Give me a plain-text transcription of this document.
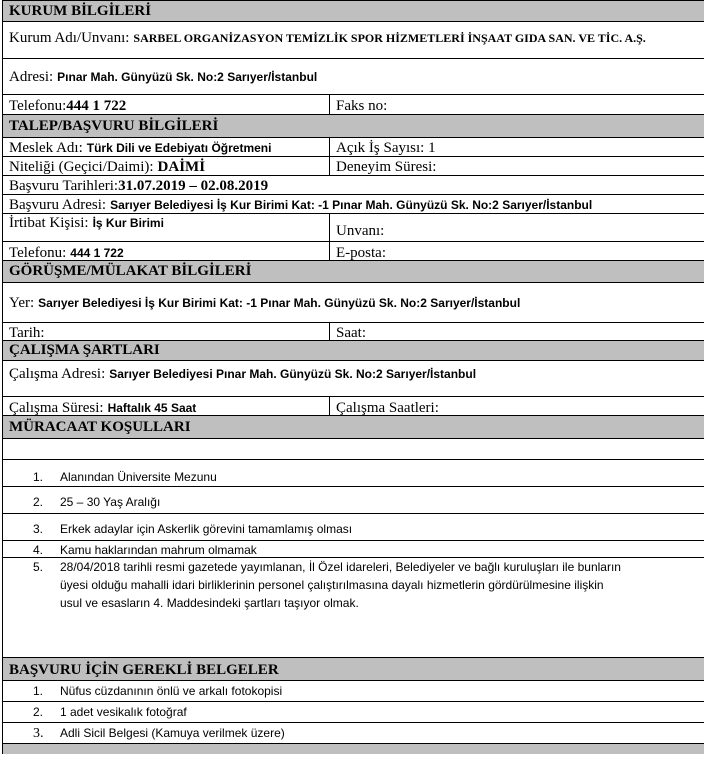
KURUM BİLGİLERİ
Kurum Adı/Unvanı: SARBEL ORGANİZASYON TEMİZLİK SPOR HİZMETLERİ İNŞAAT GIDA SAN. VE TİC. A.Ş.
Adresi: Pınar Mah. Günyüzü Sk. No:2 Sarıyer/İstanbul
Telefonu:444 1 722	Faks no:
TALEP/BAŞVURU BİLGİLERİ
Meslek Adı: Türk Dili ve Edebiyatı Öğretmeni	Açık İş Sayısı: 1
Niteliği (Geçici/Daimi): DAİMİ	Deneyim Süresi:
Başvuru Tarihleri:31.07.2019 – 02.08.2019
Başvuru Adresi: Sarıyer Belediyesi İş Kur Birimi Kat: -1 Pınar Mah. Günyüzü Sk. No:2 Sarıyer/İstanbul
İrtibat Kişisi: İş Kur Birimi	Unvanı:
Telefonu: 444 1 722	E-posta:
GÖRÜŞME/MÜLAKAT BİLGİLERİ
Yer: Sarıyer Belediyesi İş Kur Birimi Kat: -1 Pınar Mah. Günyüzü Sk. No:2 Sarıyer/İstanbul
Tarih:	Saat:
ÇALIŞMA ŞARTLARI
Çalışma Adresi: Sarıyer Belediyesi Pınar Mah. Günyüzü Sk. No:2 Sarıyer/İstanbul
Çalışma Süresi: Haftalık 45 Saat	Çalışma Saatleri:
MÜRACAAT KOŞULLARI
1. Alanından Üniversite Mezunu
2. 25 – 30 Yaş Aralığı
3. Erkek adaylar için Askerlik görevini tamamlamış olması
4. Kamu haklarından mahrum olmamak
5. 28/04/2018 tarihli resmi gazetede yayımlanan, İl Özel idareleri, Belediyeler ve bağlı kuruluşları ile bunların
üyesi olduğu mahalli idari birliklerinin personel çalıştırılmasına dayalı hizmetlerin gördürülmesine ilişkin
usul ve esasların 4. Maddesindeki şartları taşıyor olmak.
BAŞVURU İÇİN GEREKLİ BELGELER
1. Nüfus cüzdanının önlü ve arkalı fotokopisi
2. 1 adet vesikalık fotoğraf
3. Adli Sicil Belgesi (Kamuya verilmek üzere)
